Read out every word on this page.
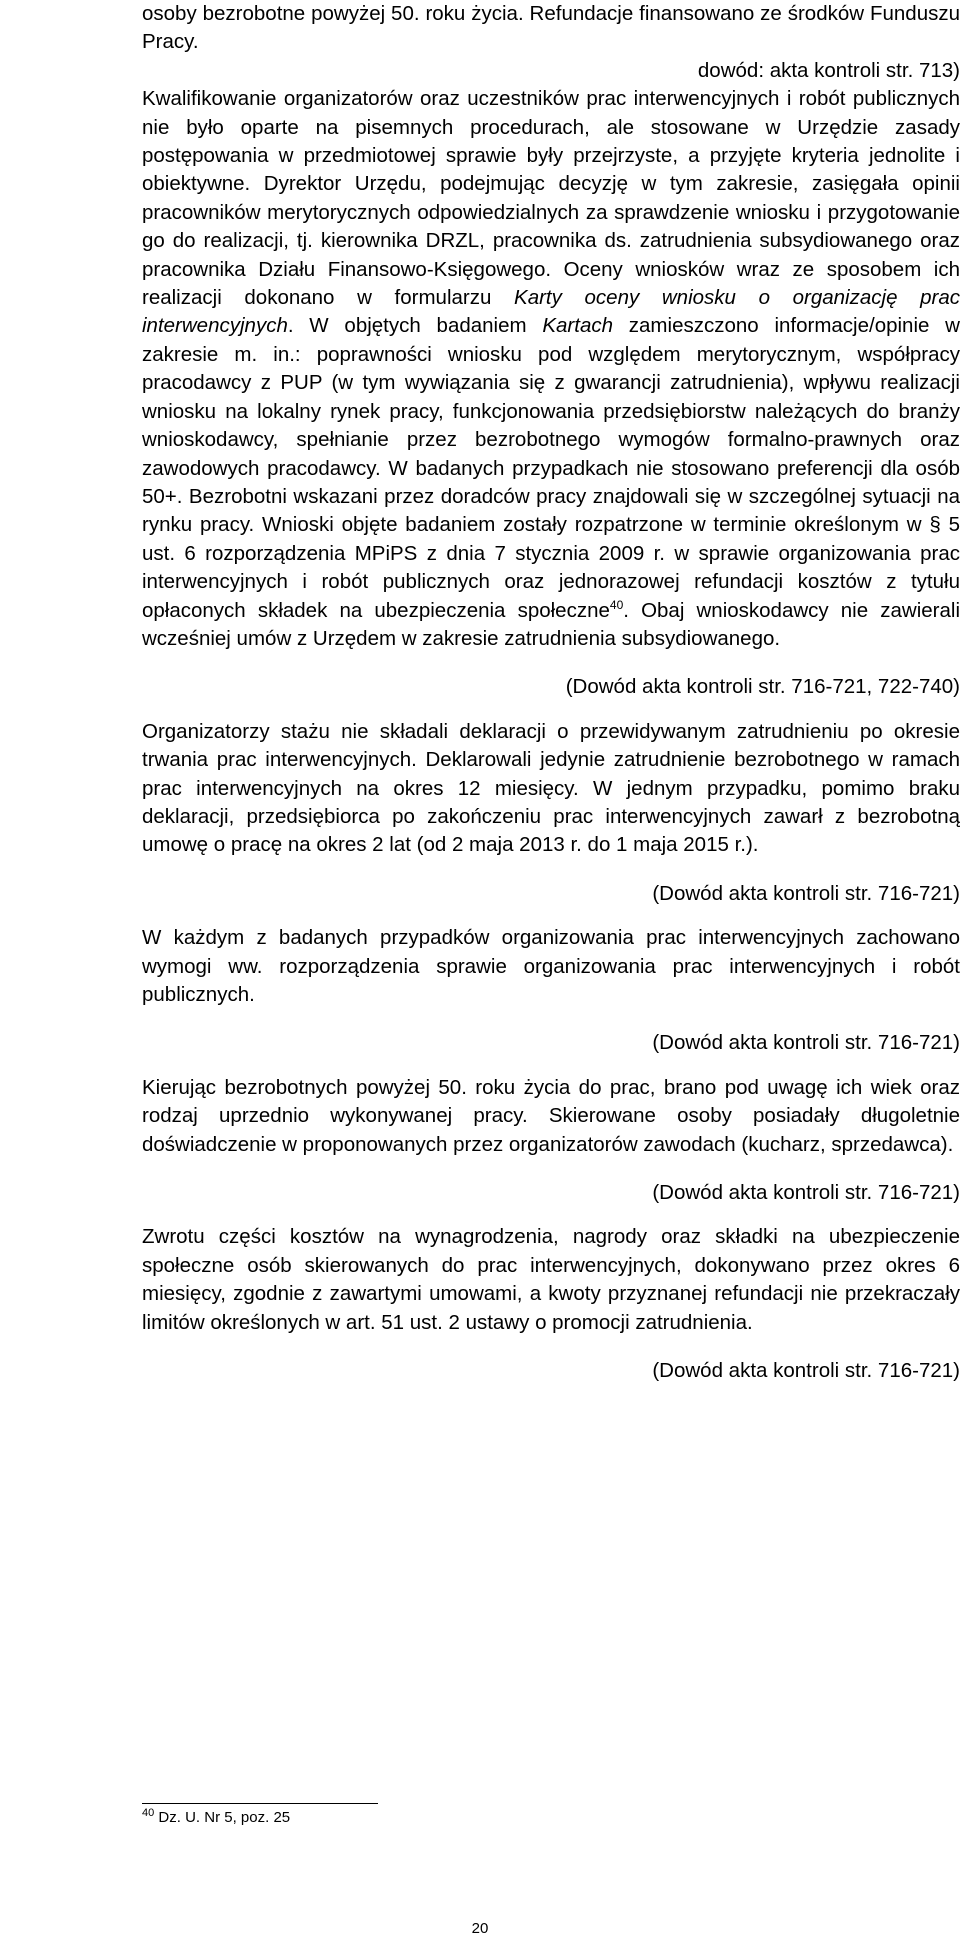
osoby bezrobotne powyżej 50. roku życia. Refundacje finansowano ze środków Funduszu Pracy.

dowód: akta kontroli str. 713)

Kwalifikowanie organizatorów oraz uczestników prac interwencyjnych i robót publicznych nie było oparte na pisemnych procedurach, ale stosowane w Urzędzie zasady postępowania w przedmiotowej sprawie były przejrzyste, a przyjęte kryteria jednolite i obiektywne. Dyrektor Urzędu, podejmując decyzję w tym zakresie, zasięgała opinii pracowników merytorycznych odpowiedzialnych za sprawdzenie wniosku i przygotowanie go do realizacji, tj. kierownika DRZL, pracownika ds. zatrudnienia subsydiowanego oraz pracownika Działu Finansowo-Księgowego. Oceny wniosków wraz ze sposobem ich realizacji dokonano w formularzu Karty oceny wniosku o organizację prac interwencyjnych. W objętych badaniem Kartach zamieszczono informacje/opinie w zakresie m. in.: poprawności wniosku pod względem merytorycznym, współpracy pracodawcy z PUP (w tym wywiązania się z gwarancji zatrudnienia), wpływu realizacji wniosku na lokalny rynek pracy, funkcjonowania przedsiębiorstw należących do branży wnioskodawcy, spełnianie przez bezrobotnego wymogów formalno-prawnych oraz zawodowych pracodawcy. W badanych przypadkach nie stosowano preferencji dla osób 50+. Bezrobotni wskazani przez doradców pracy znajdowali się w szczególnej sytuacji na rynku pracy. Wnioski objęte badaniem zostały rozpatrzone w terminie określonym w § 5 ust. 6 rozporządzenia MPiPS z dnia 7 stycznia 2009 r. w sprawie organizowania prac interwencyjnych i robót publicznych oraz jednorazowej refundacji kosztów z tytułu opłaconych składek na ubezpieczenia społeczne$^{40}$. Obaj wnioskodawcy nie zawierali wcześniej umów z Urzędem w zakresie zatrudnienia subsydiowanego.

(Dowód akta kontroli str. 716-721, 722-740)

Organizatorzy stażu nie składali deklaracji o przewidywanym zatrudnieniu po okresie trwania prac interwencyjnych. Deklarowali jedynie zatrudnienie bezrobotnego w ramach prac interwencyjnych na okres 12 miesięcy. W jednym przypadku, pomimo braku deklaracji, przedsiębiorca po zakończeniu prac interwencyjnych zawarł z bezrobotną umowę o pracę na okres 2 lat (od 2 maja 2013 r. do 1 maja 2015 r.).

(Dowód akta kontroli str. 716-721)

W każdym z badanych przypadków organizowania prac interwencyjnych zachowano wymogi ww. rozporządzenia sprawie organizowania prac interwencyjnych i robót publicznych.

(Dowód akta kontroli str. 716-721)

Kierując bezrobotnych powyżej 50. roku życia do prac, brano pod uwagę ich wiek oraz rodzaj uprzednio wykonywanej pracy. Skierowane osoby posiadały długoletnie doświadczenie w proponowanych przez organizatorów zawodach (kucharz, sprzedawca).

(Dowód akta kontroli str. 716-721)

Zwrotu części kosztów na wynagrodzenia, nagrody oraz składki na ubezpieczenie społeczne osób skierowanych do prac interwencyjnych, dokonywano przez okres 6 miesięcy, zgodnie z zawartymi umowami, a kwoty przyznanej refundacji nie przekraczały limitów określonych w art. 51 ust. 2 ustawy o promocji zatrudnienia.

(Dowód akta kontroli str. 716-721)

$^{40}$ Dz. U. Nr 5, poz. 25
20
